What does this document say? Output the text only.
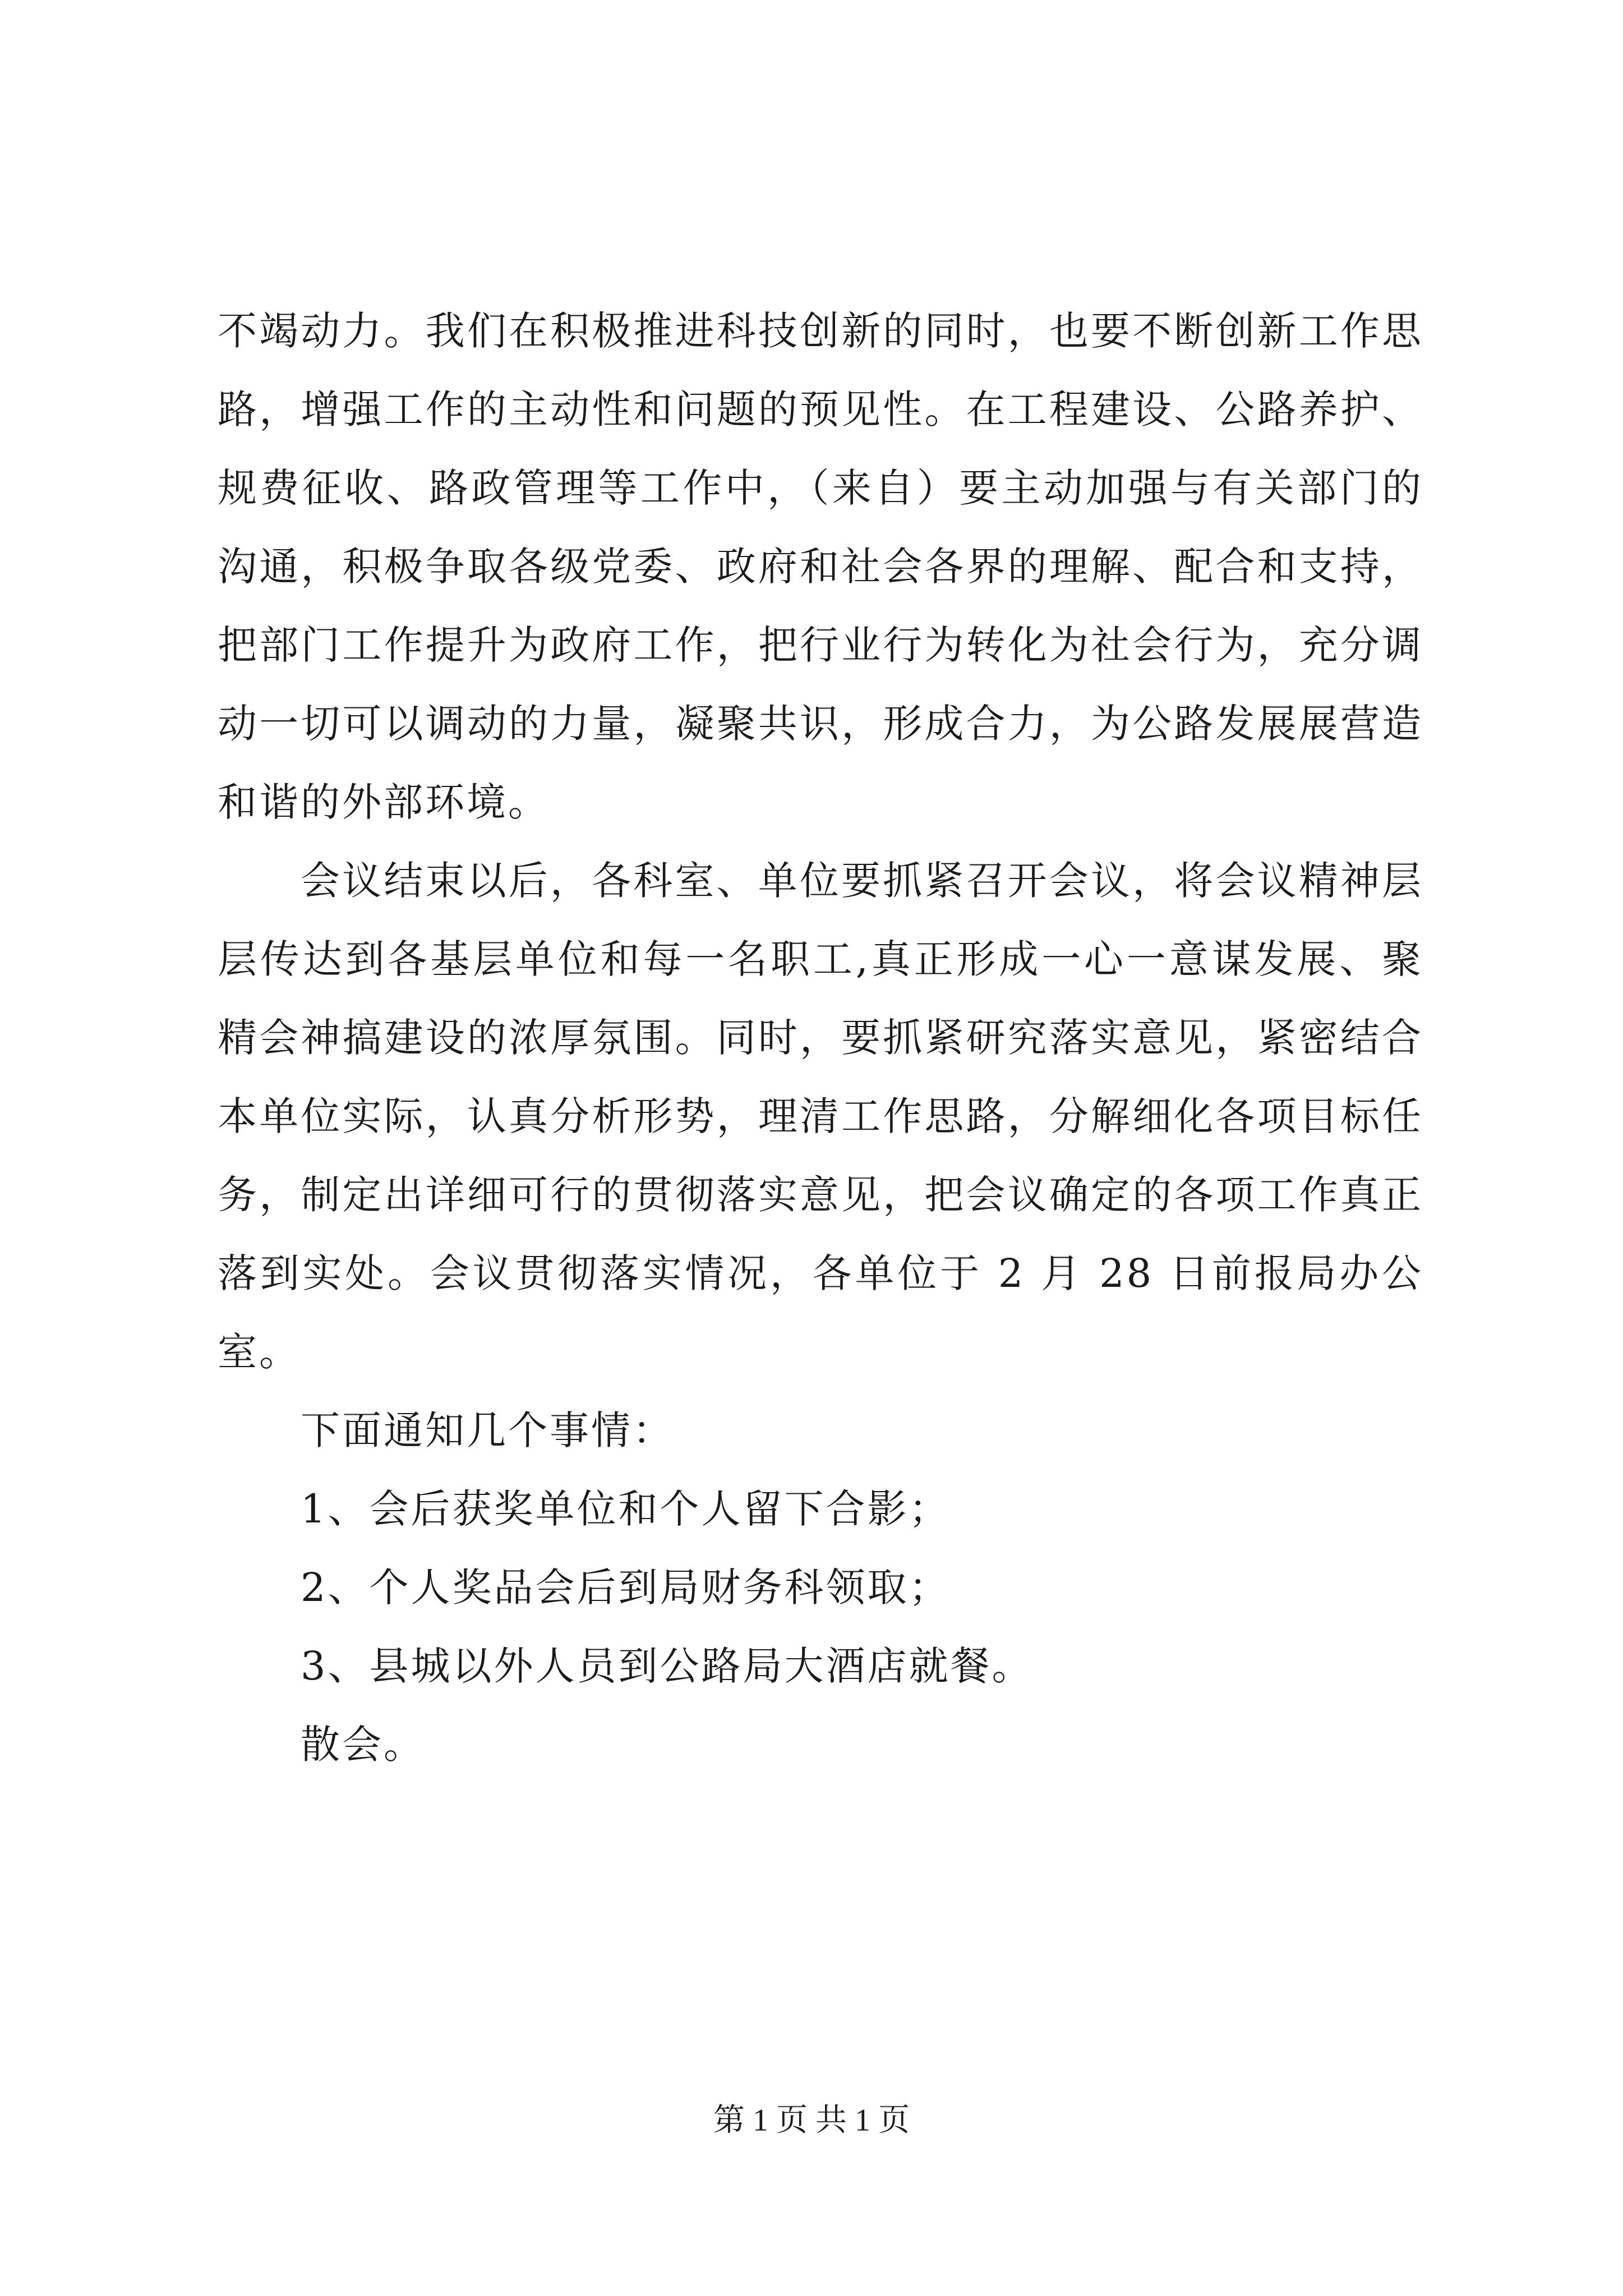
不竭动力。我们在积极推进科技创新的同时，也要不断创新工作思路，增强工作的主动性和问题的预见性。在工程建设、公路养护、规费征收、路政管理等工作中，（来自）要主动加强与有关部门的沟通，积极争取各级党委、政府和社会各界的理解、配合和支持，把部门工作提升为政府工作，把行业行为转化为社会行为，充分调动一切可以调动的力量，凝聚共识，形成合力，为公路发展展营造和谐的外部环境。

会议结束以后，各科室、单位要抓紧召开会议，将会议精神层层传达到各基层单位和每一名职工,真正形成一心一意谋发展、聚精会神搞建设的浓厚氛围。同时，要抓紧研究落实意见，紧密结合本单位实际，认真分析形势，理清工作思路，分解细化各项目标任务，制定出详细可行的贯彻落实意见，把会议确定的各项工作真正落到实处。会议贯彻落实情况，各单位于 2 月 28 日前报局办公室。

下面通知几个事情：

1、会后获奖单位和个人留下合影；

2、个人奖品会后到局财务科领取；

3、县城以外人员到公路局大酒店就餐。

散会。

第 1 页 共 1 页
